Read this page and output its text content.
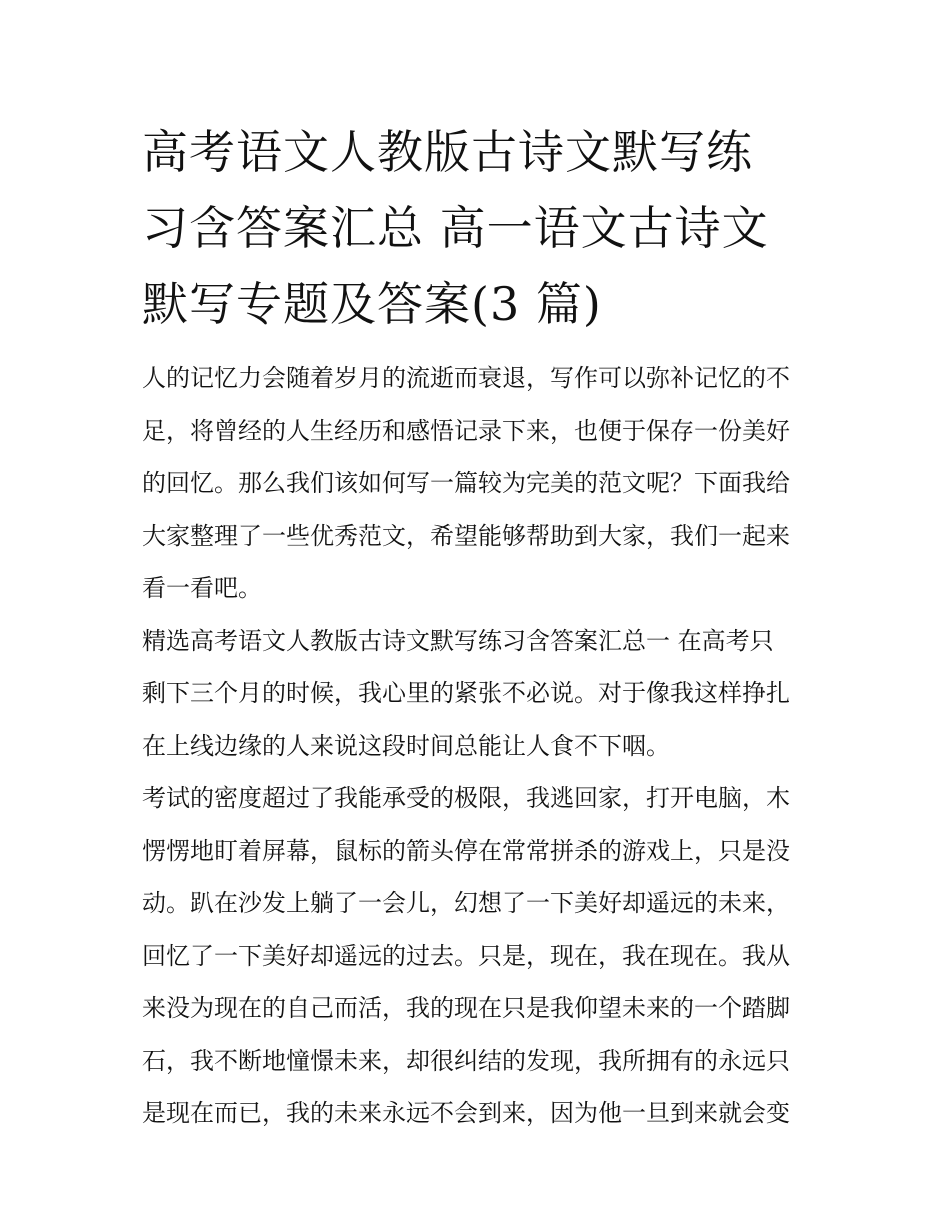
高考语文人教版古诗文默写练
习含答案汇总 高一语文古诗文
默写专题及答案(3 篇)

人的记忆力会随着岁月的流逝而衰退，写作可以弥补记忆的不
足，将曾经的人生经历和感悟记录下来，也便于保存一份美好
的回忆。那么我们该如何写一篇较为完美的范文呢？下面我给
大家整理了一些优秀范文，希望能够帮助到大家，我们一起来
看一看吧。

精选高考语文人教版古诗文默写练习含答案汇总一 在高考只
剩下三个月的时候，我心里的紧张不必说。对于像我这样挣扎
在上线边缘的人来说这段时间总能让人食不下咽。

考试的密度超过了我能承受的极限，我逃回家，打开电脑，木
愣愣地盯着屏幕，鼠标的箭头停在常常拼杀的游戏上，只是没
动。趴在沙发上躺了一会儿，幻想了一下美好却遥远的未来，
回忆了一下美好却遥远的过去。只是，现在，我在现在。我从
来没为现在的自己而活，我的现在只是我仰望未来的一个踏脚
石，我不断地憧憬未来，却很纠结的发现，我所拥有的永远只
是现在而已，我的未来永远不会到来，因为他一旦到来就会变
